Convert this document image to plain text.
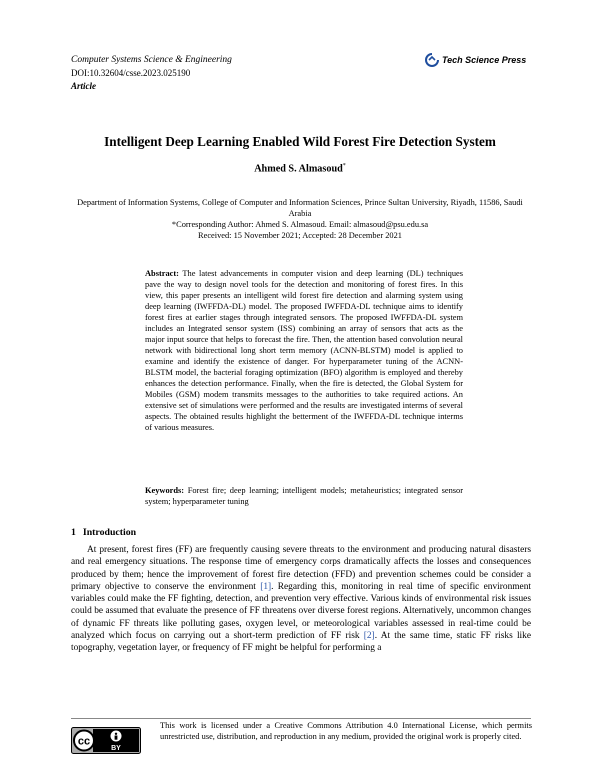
Computer Systems Science & Engineering
DOI:10.32604/csse.2023.025190
Article
Tech Science Press
Intelligent Deep Learning Enabled Wild Forest Fire Detection System
Ahmed S. Almasoud*
Department of Information Systems, College of Computer and Information Sciences, Prince Sultan University, Riyadh, 11586, Saudi Arabia
*Corresponding Author: Ahmed S. Almasoud. Email: almasoud@psu.edu.sa
Received: 15 November 2021; Accepted: 28 December 2021
Abstract: The latest advancements in computer vision and deep learning (DL) techniques pave the way to design novel tools for the detection and monitoring of forest fires. In this view, this paper presents an intelligent wild forest fire detection and alarming system using deep learning (IWFFDA-DL) model. The proposed IWFFDA-DL technique aims to identify forest fires at earlier stages through integrated sensors. The proposed IWFFDA-DL system includes an Integrated sensor system (ISS) combining an array of sensors that acts as the major input source that helps to forecast the fire. Then, the attention based convolution neural network with bidirectional long short term memory (ACNN-BLSTM) model is applied to examine and identify the existence of danger. For hyperparameter tuning of the ACNN-BLSTM model, the bacterial foraging optimization (BFO) algorithm is employed and thereby enhances the detection performance. Finally, when the fire is detected, the Global System for Mobiles (GSM) modem transmits messages to the authorities to take required actions. An extensive set of simulations were performed and the results are investigated interms of several aspects. The obtained results highlight the betterment of the IWFFDA-DL technique interms of various measures.
Keywords: Forest fire; deep learning; intelligent models; metaheuristics; integrated sensor system; hyperparameter tuning
1 Introduction
At present, forest fires (FF) are frequently causing severe threats to the environment and producing natural disasters and real emergency situations. The response time of emergency corps dramatically affects the losses and consequences produced by them; hence the improvement of forest fire detection (FFD) and prevention schemes could be consider a primary objective to conserve the environment [1]. Regarding this, monitoring in real time of specific environment variables could make the FF fighting, detection, and prevention very effective. Various kinds of environmental risk issues could be assumed that evaluate the presence of FF threatens over diverse forest regions. Alternatively, uncommon changes of dynamic FF threats like polluting gases, oxygen level, or meteorological variables assessed in real-time could be analyzed which focus on carrying out a short-term prediction of FF risk [2]. At the same time, static FF risks like topography, vegetation layer, or frequency of FF might be helpful for performing a
cc
BY
This work is licensed under a Creative Commons Attribution 4.0 International License, which permits unrestricted use, distribution, and reproduction in any medium, provided the original work is properly cited.
